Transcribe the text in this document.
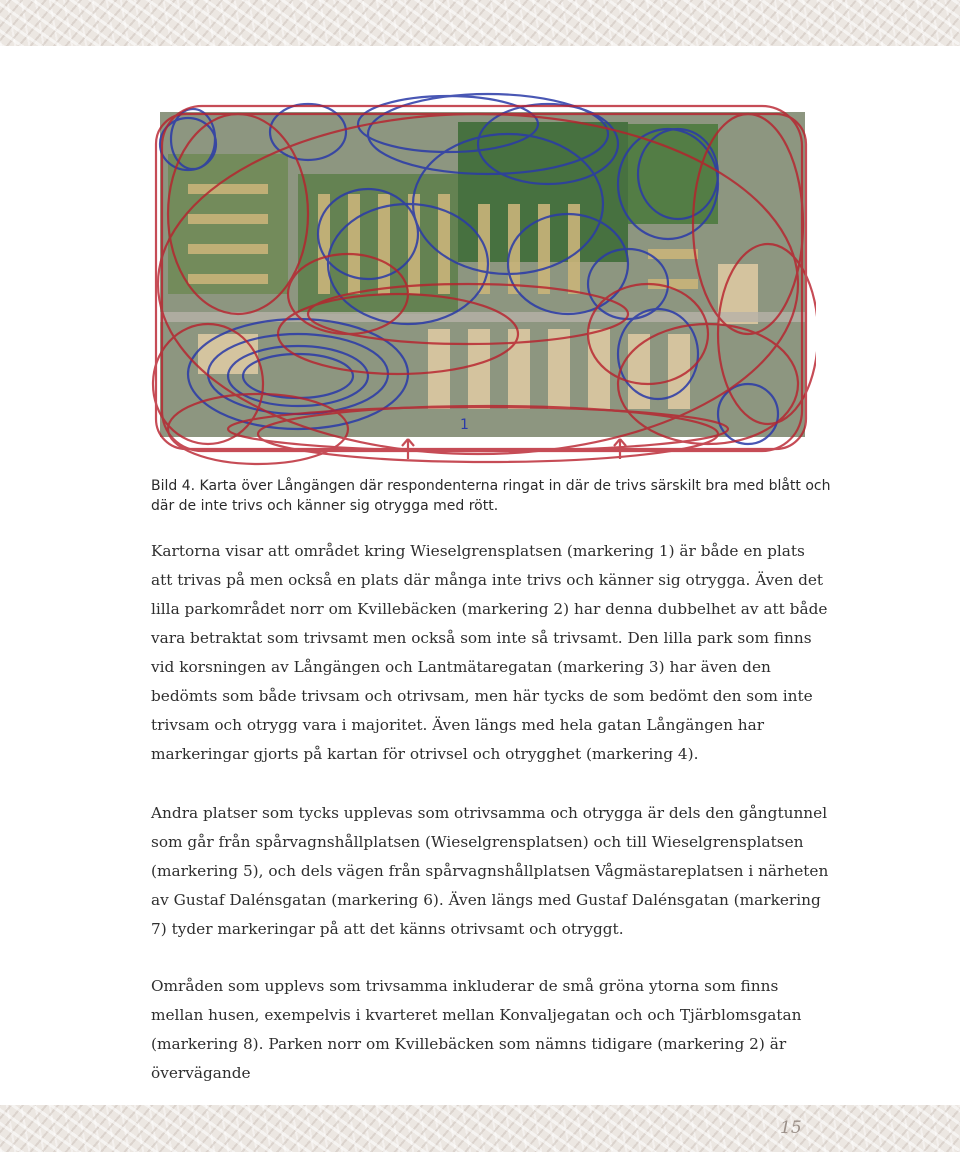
1

Bild 4. Karta över Långängen där respondenterna ringat in där de trivs särskilt bra med blått och där de inte trivs och känner sig otrygga med rött.

Kartorna visar att området kring Wieselgrensplatsen (markering 1) är både en plats att trivas på men också en plats där många inte trivs och känner sig otrygga. Även det lilla parkområdet norr om Kvillebäcken (markering 2) har denna dubbelhet av att både vara betraktat som trivsamt men också som inte så trivsamt. Den lilla park som finns vid korsningen av Långängen och Lantmätaregatan (markering 3) har även den bedömts som både trivsam och otrivsam, men här tycks de som bedömt den som inte trivsam och otrygg vara i majoritet. Även längs med hela gatan Långängen har markeringar gjorts på kartan för otrivsel och otrygghet (markering 4).

Andra platser som tycks upplevas som otrivsamma och otrygga är dels den gångtunnel som går från spårvagnshållplatsen (Wieselgrensplatsen) och till Wieselgrensplatsen (markering 5), och dels vägen från spårvagnshållplatsen Vågmästareplatsen i närheten av Gustaf Dalénsgatan (markering 6). Även längs med Gustaf Dalénsgatan (markering 7) tyder markeringar på att det känns otrivsamt och otryggt.

Områden som upplevs som trivsamma inkluderar de små gröna ytorna som finns mellan husen, exempelvis i kvarteret mellan Konvaljegatan och och Tjärblomsgatan (markering 8). Parken norr om Kvillebäcken som nämns tidigare (markering 2) är övervägande

15
